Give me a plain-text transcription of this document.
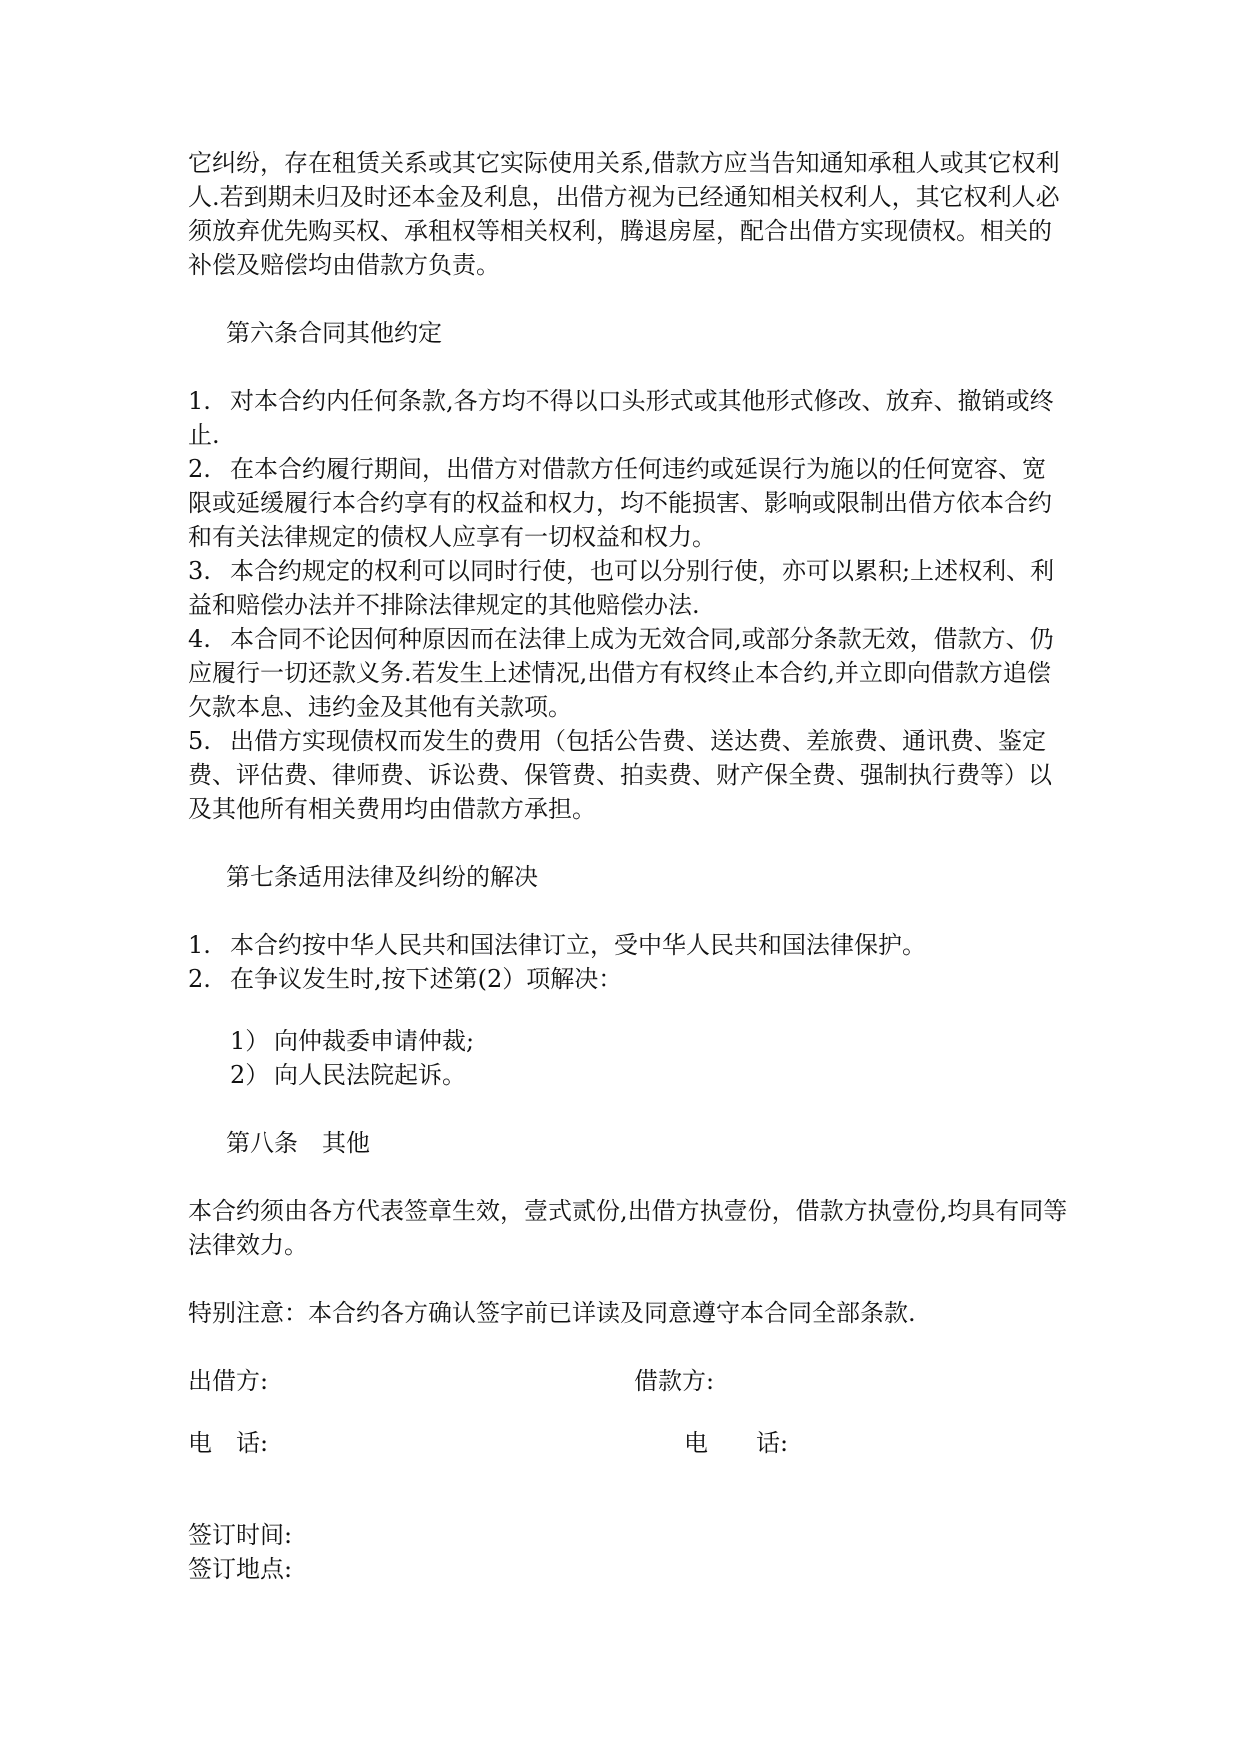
它纠纷，存在租赁关系或其它实际使用关系,借款方应当告知通知承租人或其它权利人.若到期未归及时还本金及利息，出借方视为已经通知相关权利人，其它权利人必须放弃优先购买权、承租权等相关权利，腾退房屋，配合出借方实现债权。相关的补偿及赔偿均由借款方负责。

第六条合同其他约定

1. 对本合约内任何条款,各方均不得以口头形式或其他形式修改、放弃、撤销或终止.

2. 在本合约履行期间，出借方对借款方任何违约或延误行为施以的任何宽容、宽限或延缓履行本合约享有的权益和权力，均不能损害、影响或限制出借方依本合约和有关法律规定的债权人应享有一切权益和权力。

3. 本合约规定的权利可以同时行使，也可以分别行使，亦可以累积;上述权利、利益和赔偿办法并不排除法律规定的其他赔偿办法.

4. 本合同不论因何种原因而在法律上成为无效合同,或部分条款无效，借款方、仍应履行一切还款义务.若发生上述情况,出借方有权终止本合约,并立即向借款方追偿欠款本息、违约金及其他有关款项。

5. 出借方实现债权而发生的费用（包括公告费、送达费、差旅费、通讯费、鉴定费、评估费、律师费、诉讼费、保管费、拍卖费、财产保全费、强制执行费等）以及其他所有相关费用均由借款方承担。

第七条适用法律及纠纷的解决

1. 本合约按中华人民共和国法律订立，受中华人民共和国法律保护。

2. 在争议发生时,按下述第(2）项解决：

1） 向仲裁委申请仲裁;

2） 向人民法院起诉。

第八条　其他

本合约须由各方代表签章生效，壹式贰份,出借方执壹份，借款方执壹份,均具有同等法律效力。

特别注意：本合约各方确认签字前已详读及同意遵守本合同全部条款.

出借方:	借款方:
电　话:	电　　话:

签订时间:

签订地点:
